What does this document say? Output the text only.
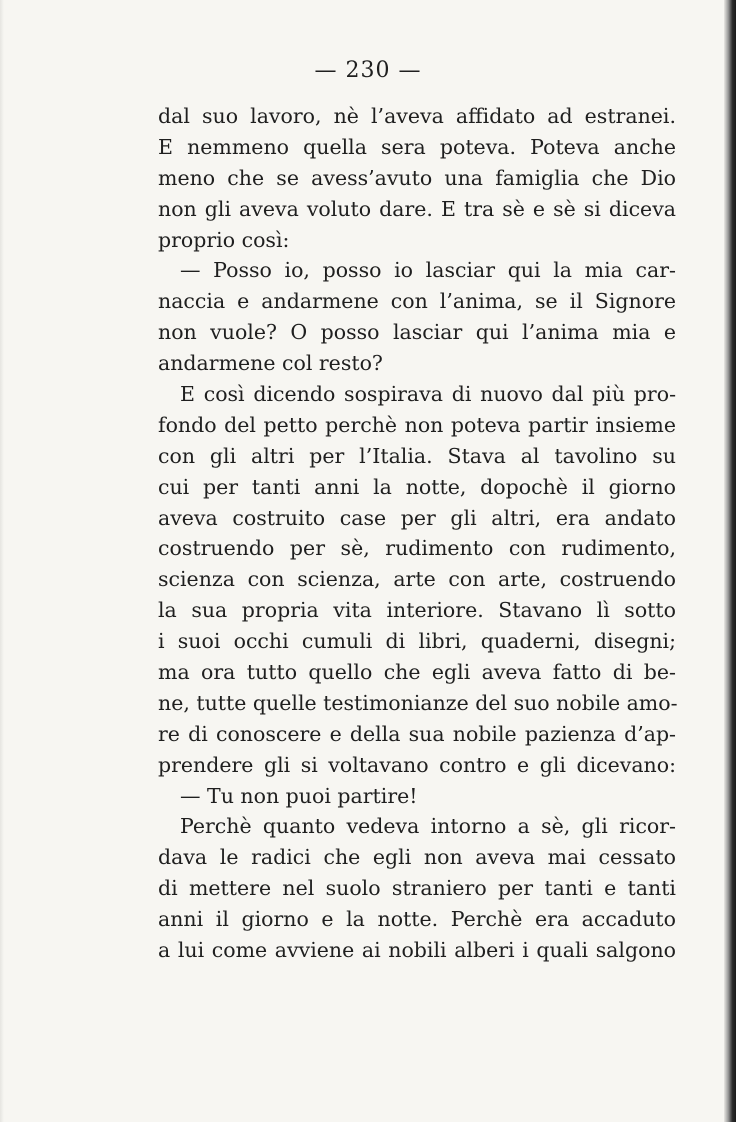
— 230 —
dal suo lavoro, nè l’aveva affidato ad estranei.
E nemmeno quella sera poteva. Poteva anche
meno che se avess’avuto una famiglia che Dio
non gli aveva voluto dare. E tra sè e sè si diceva
proprio così:
— Posso io, posso io lasciar qui la mia car-
naccia e andarmene con l’anima, se il Signore
non vuole? O posso lasciar qui l’anima mia e
andarmene col resto?
E così dicendo sospirava di nuovo dal più pro-
fondo del petto perchè non poteva partir insieme
con gli altri per l’Italia. Stava al tavolino su
cui per tanti anni la notte, dopochè il giorno
aveva costruito case per gli altri, era andato
costruendo per sè, rudimento con rudimento,
scienza con scienza, arte con arte, costruendo
la sua propria vita interiore. Stavano lì sotto
i suoi occhi cumuli di libri, quaderni, disegni;
ma ora tutto quello che egli aveva fatto di be-
ne, tutte quelle testimonianze del suo nobile amo-
re di conoscere e della sua nobile pazienza d’ap-
prendere gli si voltavano contro e gli dicevano:
— Tu non puoi partire!
Perchè quanto vedeva intorno a sè, gli ricor-
dava le radici che egli non aveva mai cessato
di mettere nel suolo straniero per tanti e tanti
anni il giorno e la notte. Perchè era accaduto
a lui come avviene ai nobili alberi i quali salgono
